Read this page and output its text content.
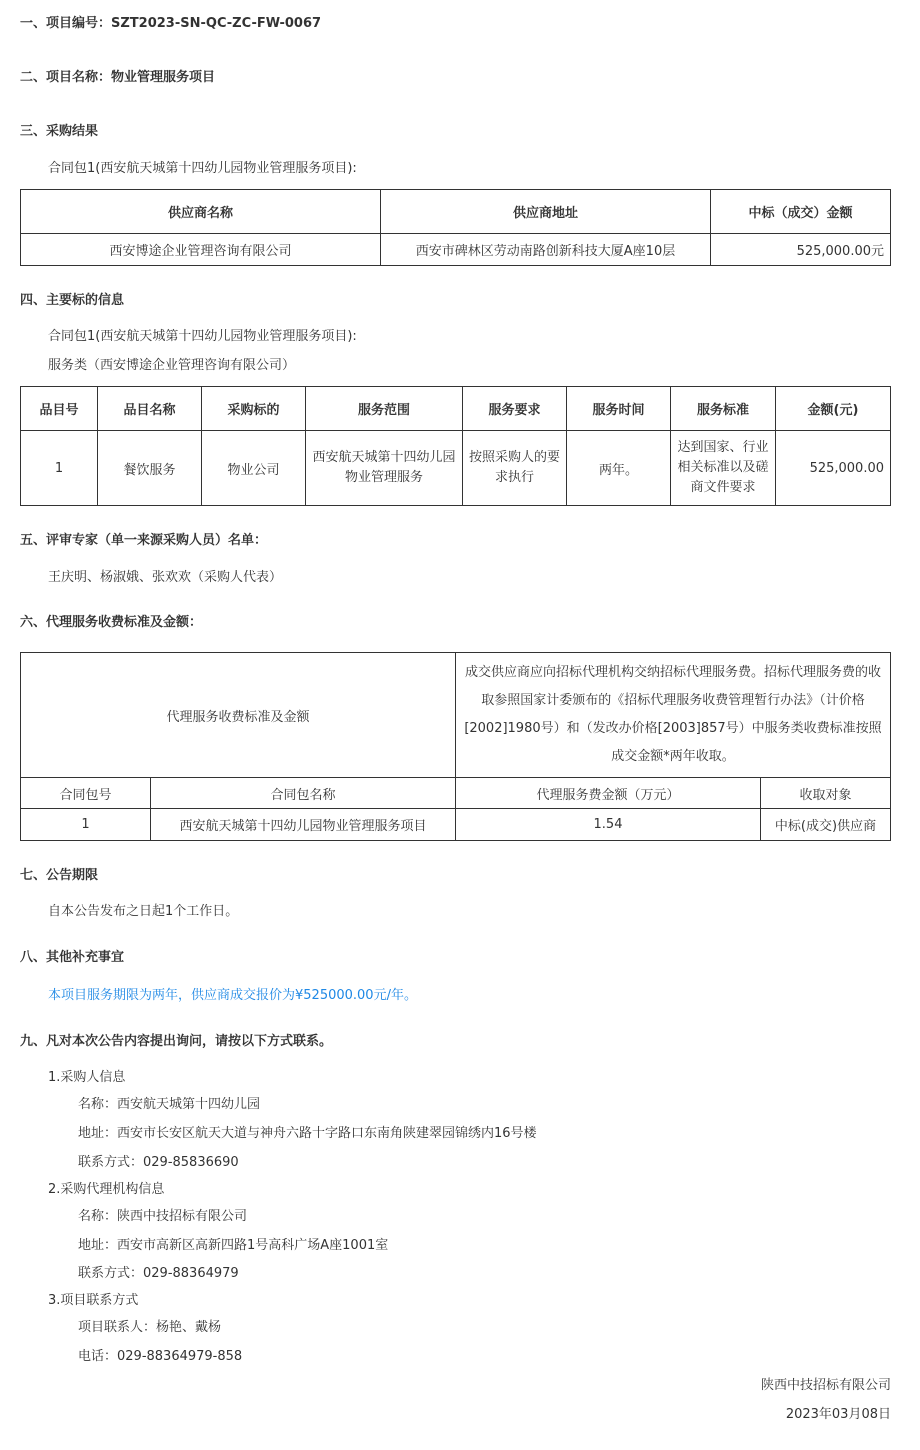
一、项目编号：SZT2023-SN-QC-ZC-FW-0067
二、项目名称：物业管理服务项目
三、采购结果
合同包1(西安航天城第十四幼儿园物业管理服务项目):
供应商名称	供应商地址	中标（成交）金额
西安博途企业管理咨询有限公司	西安市碑林区劳动南路创新科技大厦A座10层	525,000.00元
四、主要标的信息
合同包1(西安航天城第十四幼儿园物业管理服务项目):
服务类（西安博途企业管理咨询有限公司）
品目号	品目名称	采购标的	服务范围	服务要求	服务时间	服务标准	金额(元)
1	餐饮服务	物业公司	西安航天城第十四幼儿园物业管理服务	按照采购人的要求执行	两年。	达到国家、行业相关标准以及磋商文件要求	525,000.00
五、评审专家（单一来源采购人员）名单：
王庆明、杨淑娥、张欢欢（采购人代表）
六、代理服务收费标准及金额：
代理服务收费标准及金额		成交供应商应向招标代理机构交纳招标代理服务费。招标代理服务费的收取参照国家计委颁布的《招标代理服务收费管理暂行办法》（计价格[2002]1980号）和（发改办价格[2003]857号）中服务类收费标准按照成交金额*两年收取。	
合同包号	合同包名称	代理服务费金额（万元）	收取对象
1	西安航天城第十四幼儿园物业管理服务项目	1.54	中标(成交)供应商
七、公告期限
自本公告发布之日起1个工作日。
八、其他补充事宜
本项目服务期限为两年，供应商成交报价为¥525000.00元/年。
九、凡对本次公告内容提出询问，请按以下方式联系。
1.采购人信息
名称：西安航天城第十四幼儿园
地址：西安市长安区航天大道与神舟六路十字路口东南角陕建翠园锦绣内16号楼
联系方式：029-85836690
2.采购代理机构信息
名称：陕西中技招标有限公司
地址：西安市高新区高新四路1号高科广场A座1001室
联系方式：029-88364979
3.项目联系方式
项目联系人：杨艳、戴杨
电话：029-88364979-858
陕西中技招标有限公司
2023年03月08日
